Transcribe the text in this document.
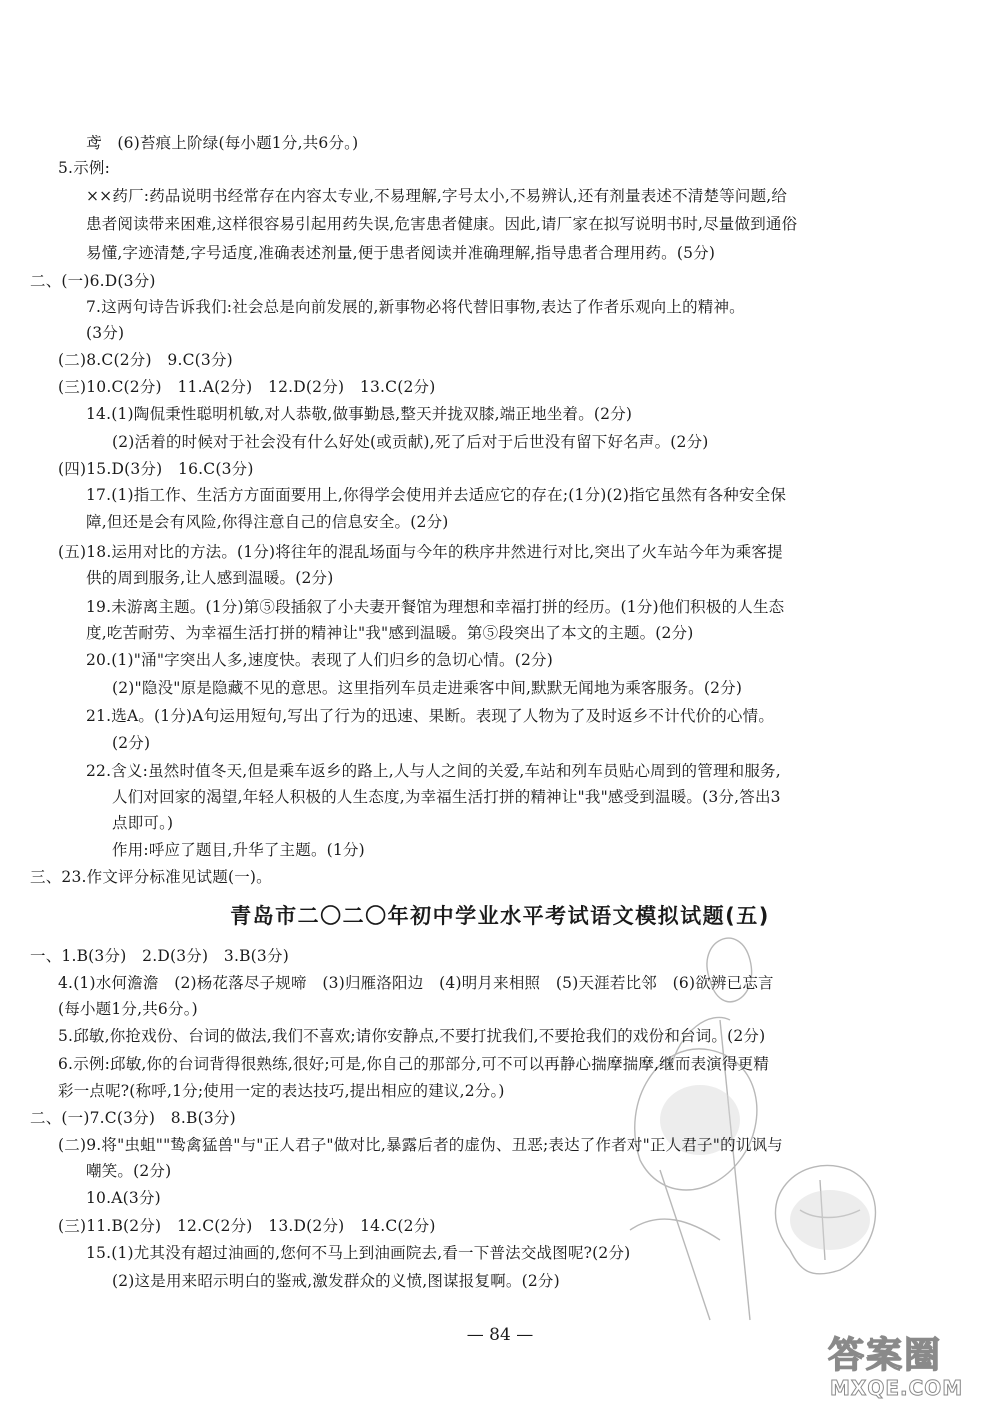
鸢　(6)苔痕上阶绿(每小题1分,共6分。)
5.示例:
××药厂:药品说明书经常存在内容太专业,不易理解,字号太小,不易辨认,还有剂量表述不清楚等问题,给
患者阅读带来困难,这样很容易引起用药失误,危害患者健康。因此,请厂家在拟写说明书时,尽量做到通俗
易懂,字迹清楚,字号适度,准确表述剂量,便于患者阅读并准确理解,指导患者合理用药。(5分)
二、(一)6.D(3分)
7.这两句诗告诉我们:社会总是向前发展的,新事物必将代替旧事物,表达了作者乐观向上的精神。
(3分)
(二)8.C(2分)　9.C(3分)
(三)10.C(2分)　11.A(2分)　12.D(2分)　13.C(2分)
14.(1)陶侃秉性聪明机敏,对人恭敬,做事勤恳,整天并拢双膝,端正地坐着。(2分)
(2)活着的时候对于社会没有什么好处(或贡献),死了后对于后世没有留下好名声。(2分)
(四)15.D(3分)　16.C(3分)
17.(1)指工作、生活方方面面要用上,你得学会使用并去适应它的存在;(1分)(2)指它虽然有各种安全保
障,但还是会有风险,你得注意自己的信息安全。(2分)
(五)18.运用对比的方法。(1分)将往年的混乱场面与今年的秩序井然进行对比,突出了火车站今年为乘客提
供的周到服务,让人感到温暖。(2分)
19.未游离主题。(1分)第⑤段插叙了小夫妻开餐馆为理想和幸福打拼的经历。(1分)他们积极的人生态
度,吃苦耐劳、为幸福生活打拼的精神让"我"感到温暖。第⑤段突出了本文的主题。(2分)
20.(1)"涌"字突出人多,速度快。表现了人们归乡的急切心情。(2分)
(2)"隐没"原是隐藏不见的意思。这里指列车员走进乘客中间,默默无闻地为乘客服务。(2分)
21.选A。(1分)A句运用短句,写出了行为的迅速、果断。表现了人物为了及时返乡不计代价的心情。
(2分)
22.含义:虽然时值冬天,但是乘车返乡的路上,人与人之间的关爱,车站和列车员贴心周到的管理和服务,
人们对回家的渴望,年轻人积极的人生态度,为幸福生活打拼的精神让"我"感受到温暖。(3分,答出3
点即可。)
作用:呼应了题目,升华了主题。(1分)
三、23.作文评分标准见试题(一)。
青岛市二〇二〇年初中学业水平考试语文模拟试题(五)
一、1.B(3分)　2.D(3分)　3.B(3分)
4.(1)水何澹澹　(2)杨花落尽子规啼　(3)归雁洛阳边　(4)明月来相照　(5)天涯若比邻　(6)欲辨已忘言
(每小题1分,共6分。)
5.邱敏,你抢戏份、台词的做法,我们不喜欢;请你安静点,不要打扰我们,不要抢我们的戏份和台词。(2分)
6.示例:邱敏,你的台词背得很熟练,很好;可是,你自己的那部分,可不可以再静心揣摩揣摩,继而表演得更精
彩一点呢?(称呼,1分;使用一定的表达技巧,提出相应的建议,2分。)
二、(一)7.C(3分)　8.B(3分)
(二)9.将"虫蛆""鸷禽猛兽"与"正人君子"做对比,暴露后者的虚伪、丑恶;表达了作者对"正人君子"的讥讽与
嘲笑。(2分)
10.A(3分)
(三)11.B(2分)　12.C(2分)　13.D(2分)　14.C(2分)
15.(1)尤其没有超过油画的,您何不马上到油画院去,看一下普法交战图呢?(2分)
(2)这是用来昭示明白的鉴戒,激发群众的义愤,图谋报复啊。(2分)
— 84 —	答案圈
MXQE.COM
